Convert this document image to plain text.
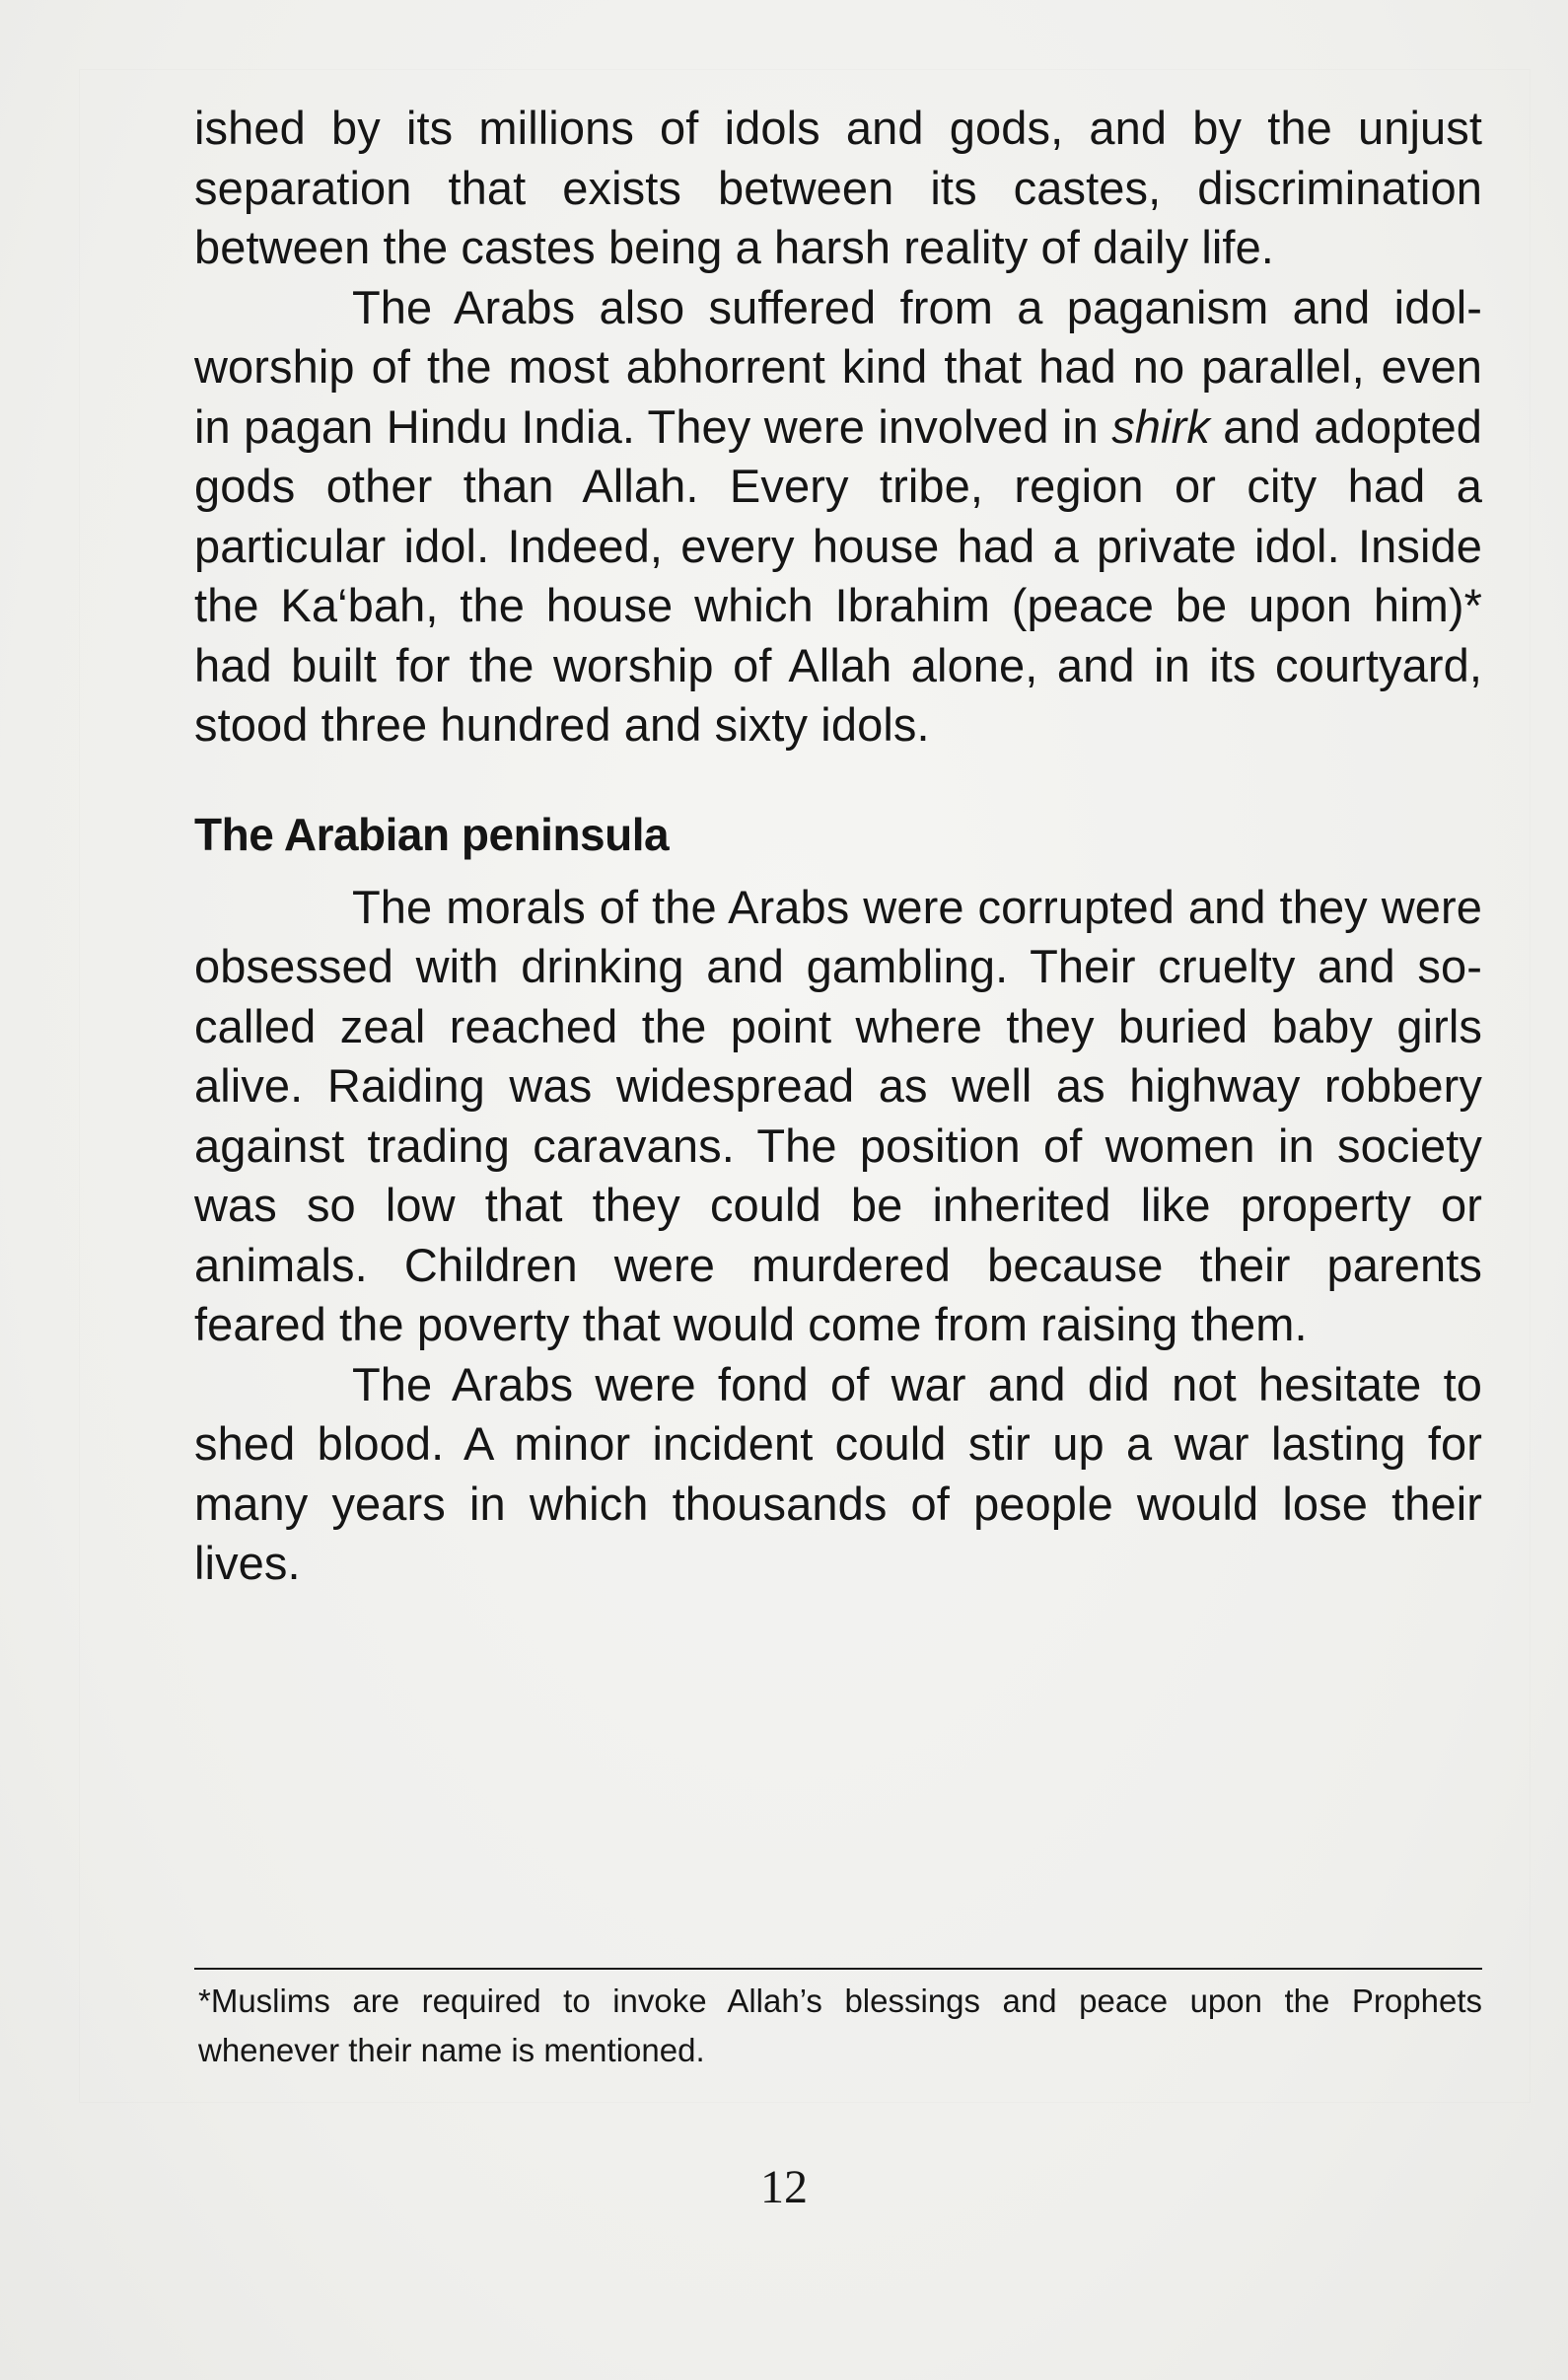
ished by its millions of idols and gods, and by the unjust separation that exists between its castes, discrimination between the castes being a harsh reality of daily life.

The Arabs also suffered from a paganism and idol-worship of the most abhorrent kind that had no parallel, even in pagan Hindu India. They were involved in shirk and adopted gods other than Allah. Every tribe, region or city had a particular idol. Indeed, every house had a private idol. Inside the Ka‘bah, the house which Ibrahim (peace be upon him)* had built for the worship of Allah alone, and in its courtyard, stood three hundred and sixty idols.

The Arabian peninsula

The morals of the Arabs were corrupted and they were obsessed with drinking and gambling. Their cruelty and so-called zeal reached the point where they buried baby girls alive. Raiding was widespread as well as highway robbery against trading caravans. The position of women in society was so low that they could be inherited like property or animals. Children were murdered because their parents feared the poverty that would come from raising them.

The Arabs were fond of war and did not hesitate to shed blood. A minor incident could stir up a war lasting for many years in which thousands of people would lose their lives.

*Muslims are required to invoke Allah’s blessings and peace upon the Prophets whenever their name is mentioned.

12
